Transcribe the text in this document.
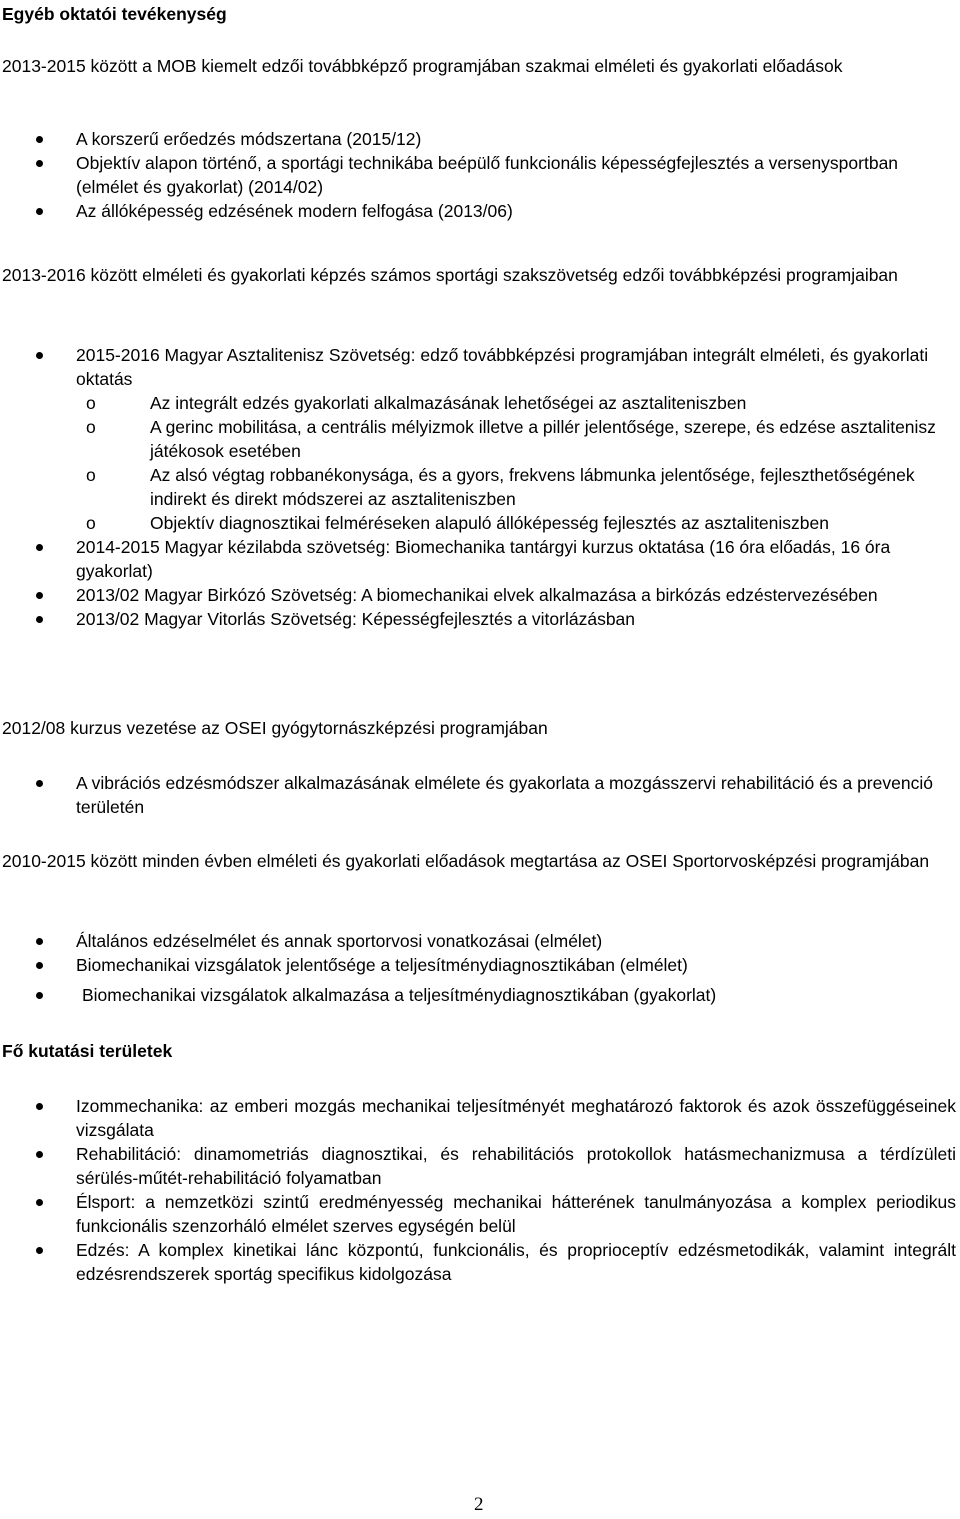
Egyéb oktatói tevékenység
2013-2015 között a MOB kiemelt edzői továbbképző programjában szakmai elméleti és gyakorlati előadások
A korszerű erőedzés módszertana (2015/12)
Objektív alapon történő, a sportági technikába beépülő funkcionális képességfejlesztés a versenysportban (elmélet és gyakorlat) (2014/02)
Az állóképesség edzésének modern felfogása (2013/06)
2013-2016 között elméleti és gyakorlati képzés számos sportági szakszövetség edzői továbbképzési programjaiban
2015-2016 Magyar Asztalitenisz Szövetség: edző továbbképzési programjában integrált elméleti, és gyakorlati oktatás
o	Az integrált edzés gyakorlati alkalmazásának lehetőségei az asztaliteniszben
o	A gerinc mobilitása, a centrális mélyizmok illetve a pillér jelentősége, szerepe, és edzése asztalitenisz játékosok esetében
o	Az alsó végtag robbanékonysága, és a gyors, frekvens lábmunka jelentősége, fejleszthetőségének indirekt és direkt módszerei az asztaliteniszben
o	Objektív diagnosztikai felméréseken alapuló állóképesség fejlesztés az asztaliteniszben
2014-2015 Magyar kézilabda szövetség: Biomechanika tantárgyi kurzus oktatása (16 óra előadás, 16 óra gyakorlat)
2013/02 Magyar Birkózó Szövetség: A biomechanikai elvek alkalmazása a birkózás edzéstervezésében
2013/02 Magyar Vitorlás Szövetség: Képességfejlesztés a vitorlázásban
2012/08 kurzus vezetése az OSEI gyógytornászképzési programjában
A vibrációs edzésmódszer alkalmazásának elmélete és gyakorlata a mozgásszervi rehabilitáció és a prevenció területén
2010-2015 között minden évben elméleti és gyakorlati előadások megtartása az OSEI Sportorvosképzési programjában
Általános edzéselmélet és annak sportorvosi vonatkozásai (elmélet)
Biomechanikai vizsgálatok jelentősége a teljesítménydiagnosztikában (elmélet)
Biomechanikai vizsgálatok alkalmazása a teljesítménydiagnosztikában (gyakorlat)
Fő kutatási területek
Izommechanika: az emberi mozgás mechanikai teljesítményét meghatározó faktorok és azok összefüggéseinek vizsgálata
Rehabilitáció: dinamometriás diagnosztikai, és rehabilitációs protokollok hatásmechanizmusa a térdízületi sérülés-műtét-rehabilitáció folyamatban
Élsport: a nemzetközi szintű eredményesség mechanikai hátterének tanulmányozása a komplex periodikus funkcionális szenzorháló elmélet szerves egységén belül
Edzés: A komplex kinetikai lánc központú, funkcionális, és proprioceptív edzésmetodikák, valamint integrált edzésrendszerek sportág specifikus kidolgozása
2
